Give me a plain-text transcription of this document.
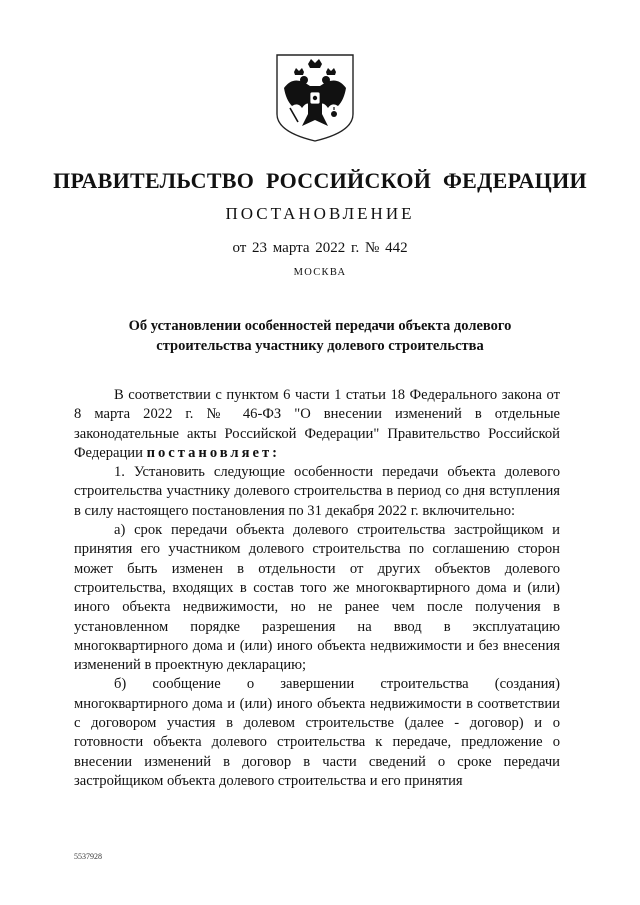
ПРАВИТЕЛЬСТВО РОССИЙСКОЙ ФЕДЕРАЦИИ
ПОСТАНОВЛЕНИЕ
от 23 марта 2022 г. № 442
МОСКВА
Об установлении особенностей передачи объекта долевого
строительства участнику долевого строительства

В соответствии с пунктом 6 части 1 статьи 18 Федерального закона от 8 марта 2022 г. № 46-ФЗ "О внесении изменений в отдельные законодательные акты Российской Федерации" Правительство Российской Федерации постановляет:

1. Установить следующие особенности передачи объекта долевого строительства участнику долевого строительства в период со дня вступления в силу настоящего постановления по 31 декабря 2022 г. включительно:

а) срок передачи объекта долевого строительства застройщиком и принятия его участником долевого строительства по соглашению сторон может быть изменен в отдельности от других объектов долевого строительства, входящих в состав того же многоквартирного дома и (или) иного объекта недвижимости, но не ранее чем после получения в установленном порядке разрешения на ввод в эксплуатацию многоквартирного дома и (или) иного объекта недвижимости и без внесения изменений в проектную декларацию;

б) сообщение о завершении строительства (создания) многоквартирного дома и (или) иного объекта недвижимости в соответствии с договором участия в долевом строительстве (далее - договор) и о готовности объекта долевого строительства к передаче, предложение о внесении изменений в договор в части сведений о сроке передачи застройщиком объекта долевого строительства и его принятия

5537928
